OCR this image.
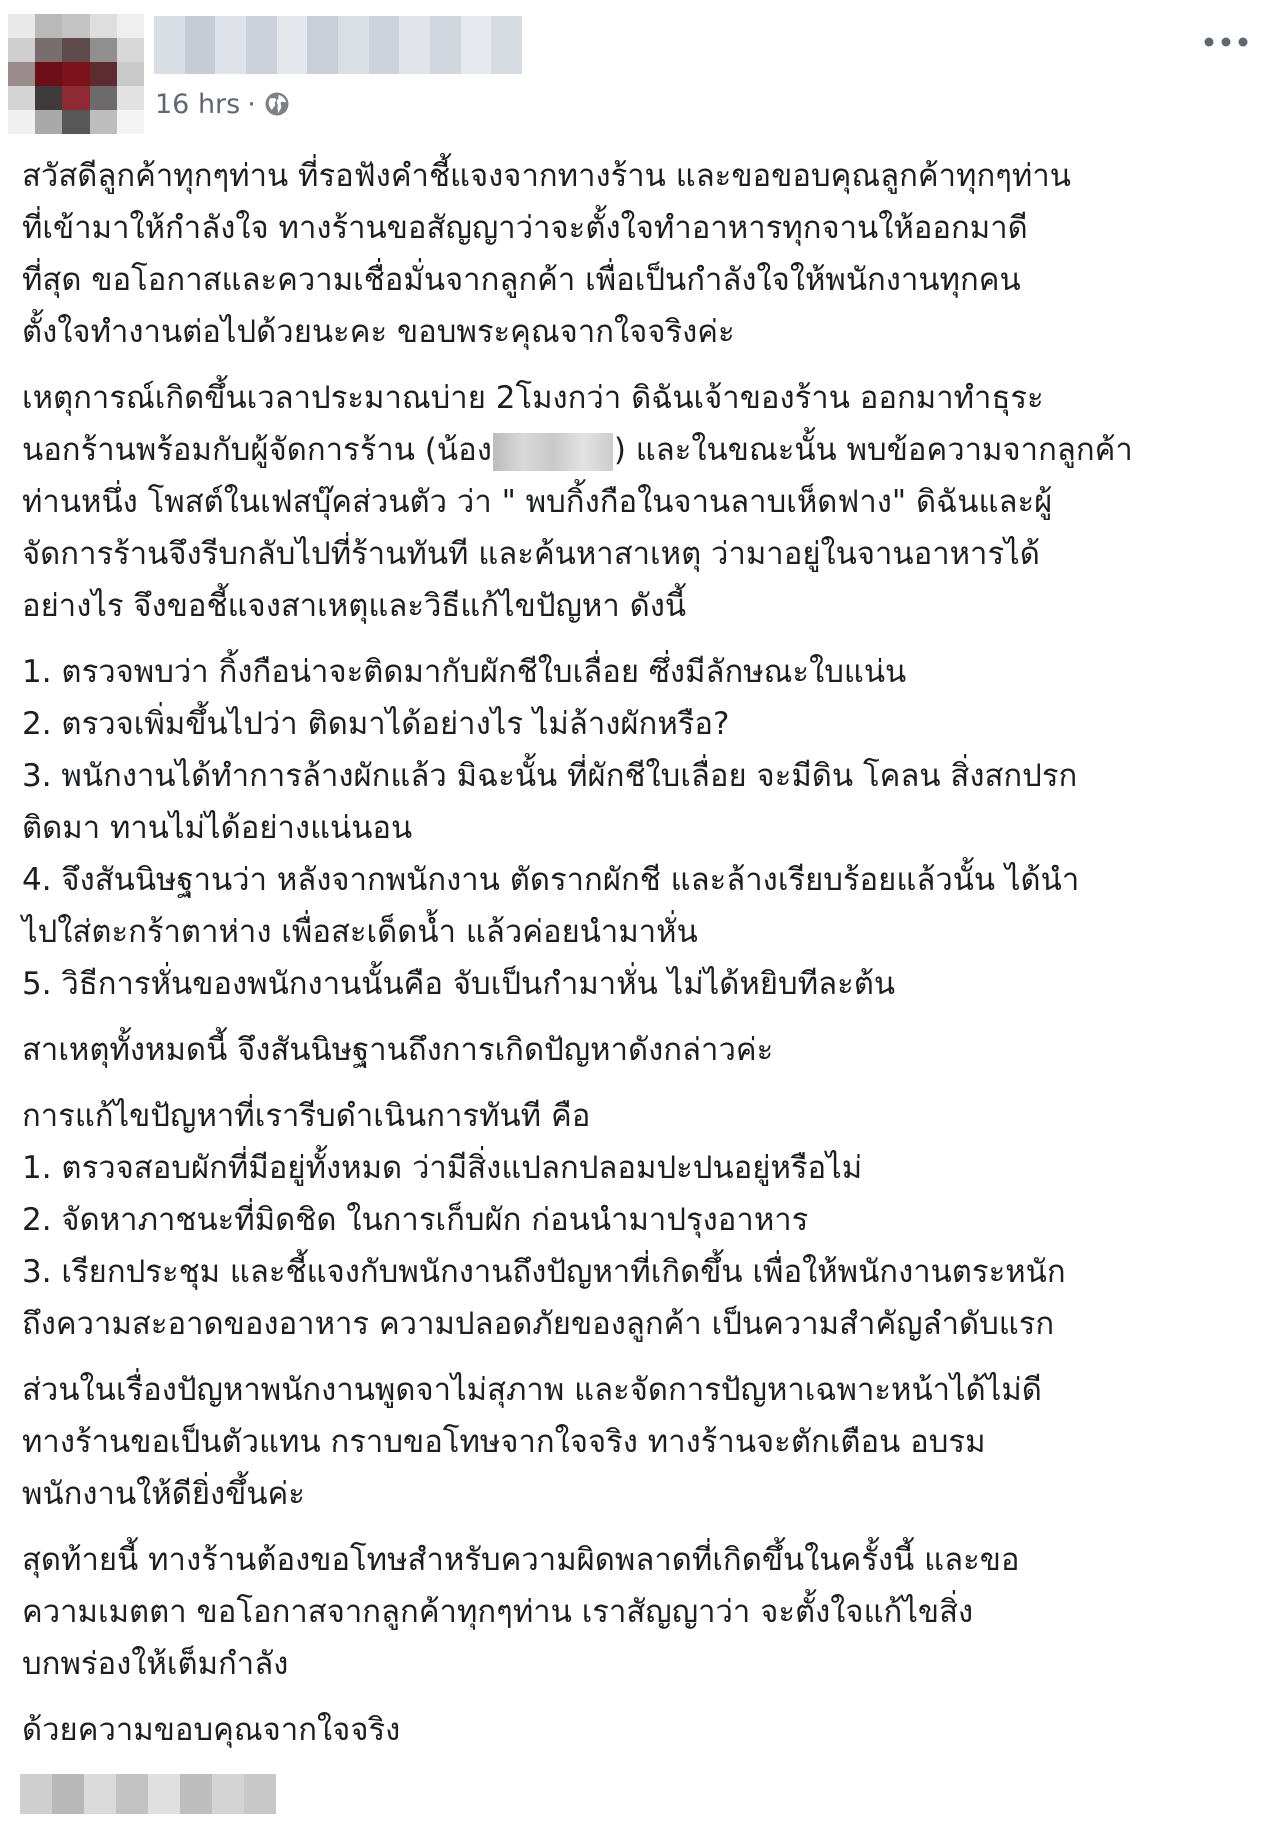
16 hrs ·
สวัสดีลูกค้าทุกๆท่าน ที่รอฟังคำชี้แจงจากทางร้าน และขอขอบคุณลูกค้าทุกๆท่าน
ที่เข้ามาให้กำลังใจ ทางร้านขอสัญญาว่าจะตั้งใจทำอาหารทุกจานให้ออกมาดี
ที่สุด ขอโอกาสและความเชื่อมั่นจากลูกค้า เพื่อเป็นกำลังใจให้พนักงานทุกคน
ตั้งใจทำงานต่อไปด้วยนะคะ ขอบพระคุณจากใจจริงค่ะ
เหตุการณ์เกิดขึ้นเวลาประมาณบ่าย 2โมงกว่า ดิฉันเจ้าของร้าน ออกมาทำธุระ
นอกร้านพร้อมกับผู้จัดการร้าน (น้อง	) และในขณะนั้น พบข้อความจากลูกค้า
ท่านหนึ่ง โพสต์ในเฟสบุ๊คส่วนตัว ว่า " พบกิ้งกือในจานลาบเห็ดฟาง" ดิฉันและผู้
จัดการร้านจึงรีบกลับไปที่ร้านทันที และค้นหาสาเหตุ ว่ามาอยู่ในจานอาหารได้
อย่างไร จึงขอชี้แจงสาเหตุและวิธีแก้ไขปัญหา ดังนี้
1. ตรวจพบว่า กิ้งกือน่าจะติดมากับผักชีใบเลื่อย ซึ่งมีลักษณะใบแน่น
2. ตรวจเพิ่มขึ้นไปว่า ติดมาได้อย่างไร ไม่ล้างผักหรือ?
3. พนักงานได้ทำการล้างผักแล้ว มิฉะนั้น ที่ผักชีใบเลื่อย จะมีดิน โคลน สิ่งสกปรก
ติดมา ทานไม่ได้อย่างแน่นอน
4. จึงสันนิษฐานว่า หลังจากพนักงาน ตัดรากผักชี และล้างเรียบร้อยแล้วนั้น ได้นำ
ไปใส่ตะกร้าตาห่าง เพื่อสะเด็ดน้ำ แล้วค่อยนำมาหั่น
5. วิธีการหั่นของพนักงานนั้นคือ จับเป็นกำมาหั่น ไม่ได้หยิบทีละต้น
สาเหตุทั้งหมดนี้ จึงสันนิษฐานถึงการเกิดปัญหาดังกล่าวค่ะ
การแก้ไขปัญหาที่เรารีบดำเนินการทันที คือ
1. ตรวจสอบผักที่มีอยู่ทั้งหมด ว่ามีสิ่งแปลกปลอมปะปนอยู่หรือไม่
2. จัดหาภาชนะที่มิดชิด ในการเก็บผัก ก่อนนำมาปรุงอาหาร
3. เรียกประชุม และชี้แจงกับพนักงานถึงปัญหาที่เกิดขึ้น เพื่อให้พนักงานตระหนัก
ถึงความสะอาดของอาหาร ความปลอดภัยของลูกค้า เป็นความสำคัญลำดับแรก
ส่วนในเรื่องปัญหาพนักงานพูดจาไม่สุภาพ และจัดการปัญหาเฉพาะหน้าได้ไม่ดี
ทางร้านขอเป็นตัวแทน กราบขอโทษจากใจจริง ทางร้านจะตักเตือน อบรม
พนักงานให้ดียิ่งขึ้นค่ะ
สุดท้ายนี้ ทางร้านต้องขอโทษสำหรับความผิดพลาดที่เกิดขึ้นในครั้งนี้ และขอ
ความเมตตา ขอโอกาสจากลูกค้าทุกๆท่าน เราสัญญาว่า จะตั้งใจแก้ไขสิ่ง
บกพร่องให้เต็มกำลัง
ด้วยความขอบคุณจากใจจริง
